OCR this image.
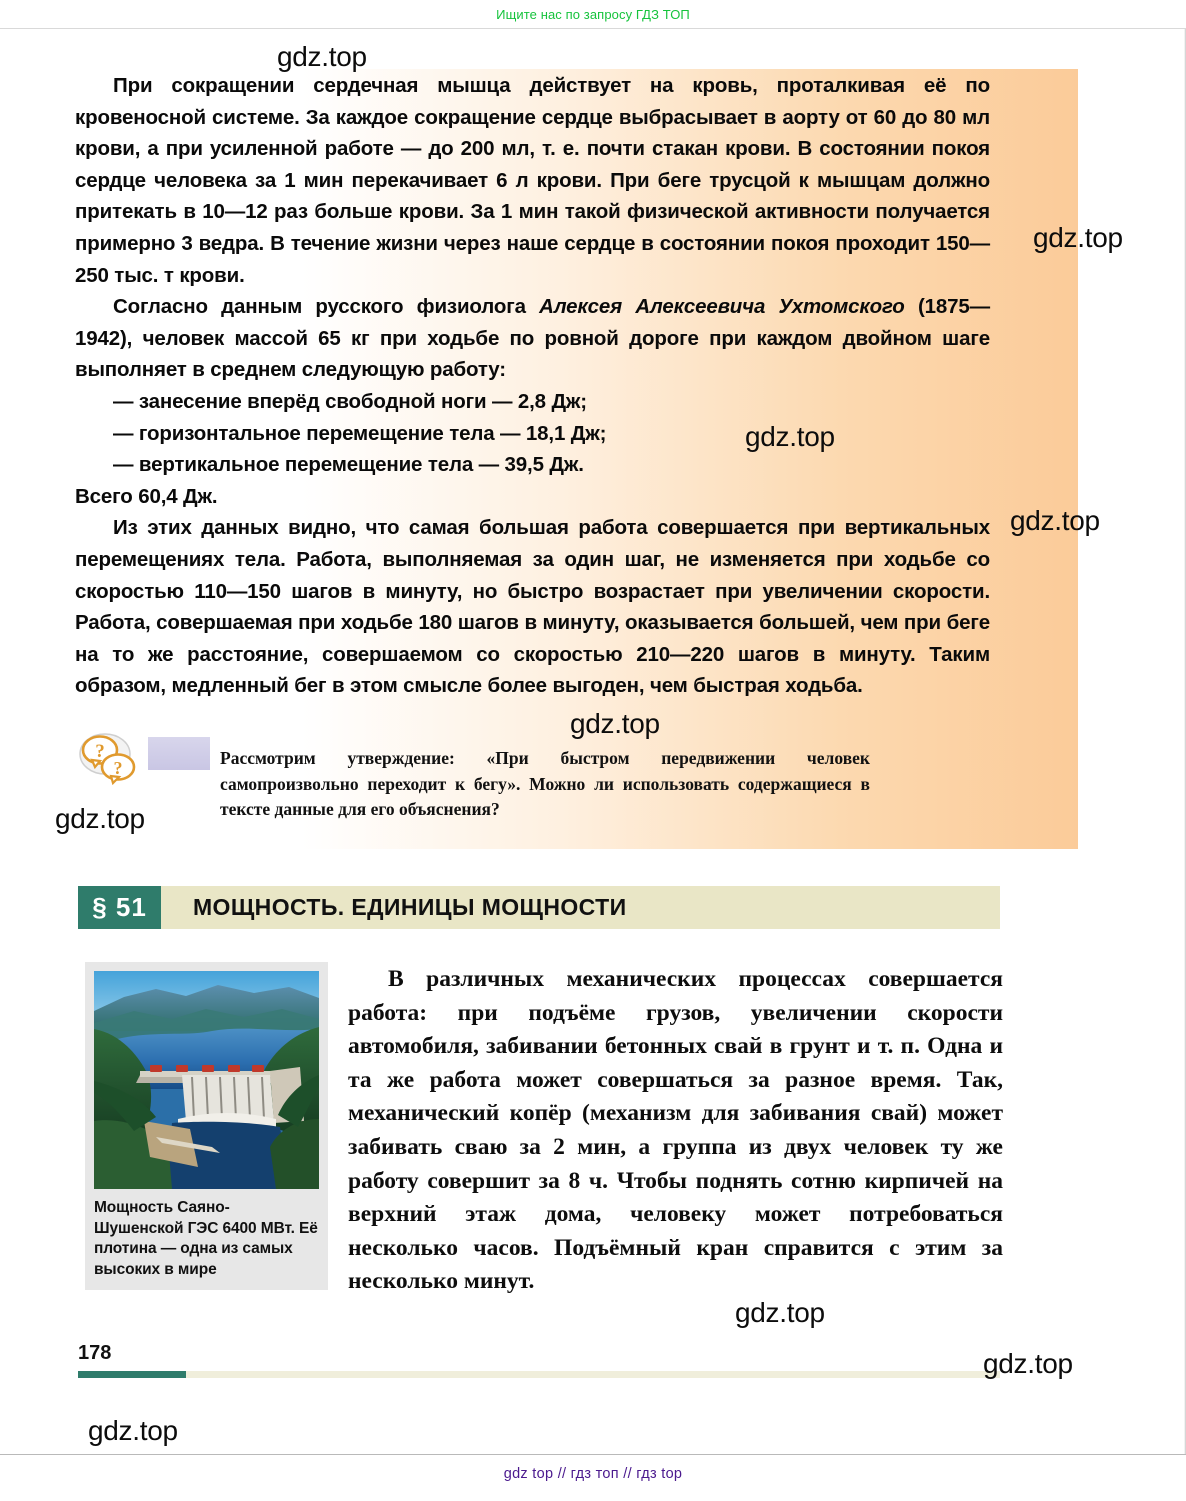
Ищите нас по запросу ГДЗ ТОП

При сокращении сердечная мышца действует на кровь, проталкивая её по кровеносной системе. За каждое сокращение сердце выбрасывает в аорту от 60 до 80 мл крови, а при усиленной работе — до 200 мл, т. е. почти стакан крови. В состоянии покоя сердце человека за 1 мин перекачивает 6 л крови. При беге трусцой к мышцам должно притекать в 10—12 раз больше крови. За 1 мин такой физической активности получается примерно 3 ведра. В течение жизни через наше сердце в состоянии покоя проходит 150—250 тыс. т крови.

Согласно данным русского физиолога Алексея Алексеевича Ухтомского (1875—1942), человек массой 65 кг при ходьбе по ровной дороге при каждом двойном шаге выполняет в среднем следующую работу:

— занесение вперёд свободной ноги — 2,8 Дж;

— горизонтальное перемещение тела — 18,1 Дж;

— вертикальное перемещение тела — 39,5 Дж.

Всего 60,4 Дж.

Из этих данных видно, что самая большая работа совершается при вертикальных перемещениях тела. Работа, выполняемая за один шаг, не изменяется при ходьбе со скоростью 110—150 шагов в минуту, но быстро возрастает при увеличении скорости. Работа, совершаемая при ходьбе 180 шагов в минуту, оказывается большей, чем при беге на то же расстояние, совершаемом со скоростью 210—220 шагов в минуту. Таким образом, медленный бег в этом смысле более выгоден, чем быстрая ходьба.

?
?	Рассмотрим утверждение: «При быстром передвижении человек самопроизвольно переходит к бегу». Можно ли использовать содержащиеся в тексте данные для его объяснения?
§ 51	МОЩНОСТЬ. ЕДИНИЦЫ МОЩНОСТИ
Мощность Саяно-Шушенской ГЭС 6400 МВт. Её плотина — одна из самых высоких в мире

В различных механических процессах совершается работа: при подъёме грузов, увеличении скорости автомобиля, забивании бетонных свай в грунт и т. п. Одна и та же работа может совершаться за разное время. Так, механический копёр (механизм для забивания свай) может забивать сваю за 2 мин, а группа из двух человек ту же работу совершит за 8 ч. Чтобы поднять сотню кирпичей на верхний этаж дома, человеку может потребоваться несколько часов. Подъёмный кран справится с этим за несколько минут.

178
gdz top // гдз топ // гдз top
gdz.top
gdz.top
gdz.top
gdz.top
gdz.top
gdz.top
gdz.top
gdz.top
gdz.top
